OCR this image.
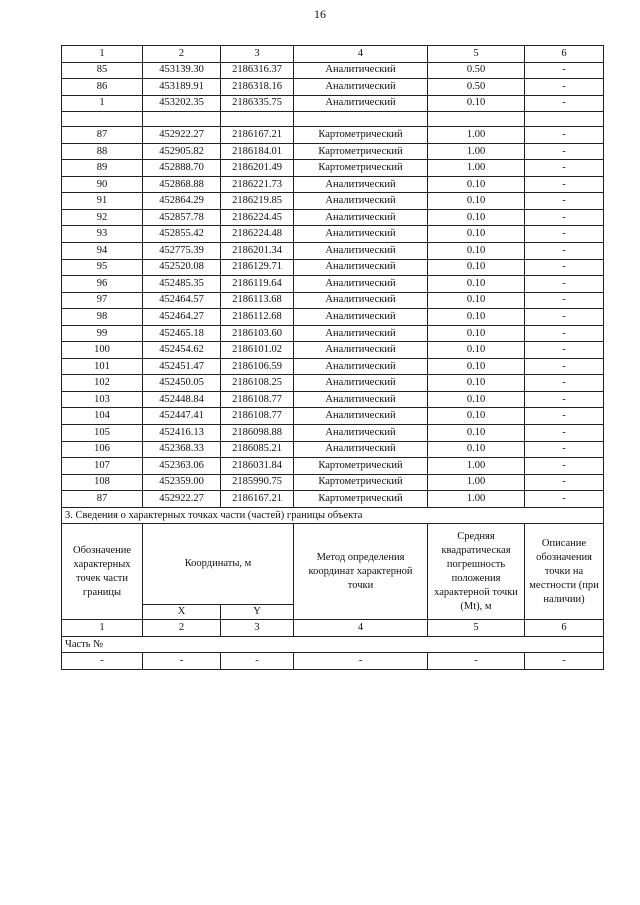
16
1	2	3	4	5	6
85	453139.30	2186316.37	Аналитический	0.50	-
86	453189.91	2186318.16	Аналитический	0.50	-
1	453202.35	2186335.75	Аналитический	0.10	-

87	452922.27	2186167.21	Картометрический	1.00	-
88	452905.82	2186184.01	Картометрический	1.00	-
89	452888.70	2186201.49	Картометрический	1.00	-
90	452868.88	2186221.73	Аналитический	0.10	-
91	452864.29	2186219.85	Аналитический	0.10	-
92	452857.78	2186224.45	Аналитический	0.10	-
93	452855.42	2186224.48	Аналитический	0.10	-
94	452775.39	2186201.34	Аналитический	0.10	-
95	452520.08	2186129.71	Аналитический	0.10	-
96	452485.35	2186119.64	Аналитический	0.10	-
97	452464.57	2186113.68	Аналитический	0.10	-
98	452464.27	2186112.68	Аналитический	0.10	-
99	452465.18	2186103.60	Аналитический	0.10	-
100	452454.62	2186101.02	Аналитический	0.10	-
101	452451.47	2186106.59	Аналитический	0.10	-
102	452450.05	2186108.25	Аналитический	0.10	-
103	452448.84	2186108.77	Аналитический	0.10	-
104	452447.41	2186108.77	Аналитический	0.10	-
105	452416.13	2186098.88	Аналитический	0.10	-
106	452368.33	2186085.21	Аналитический	0.10	-
107	452363.06	2186031.84	Картометрический	1.00	-
108	452359.00	2185990.75	Картометрический	1.00	-
87	452922.27	2186167.21	Картометрический	1.00	-
3. Сведения о характерных точках части (частей) границы объекта					
Обозначение характерных точек части границы	Координаты, м		Метод определения координат характерной точки	Средняя квадратическая погрешность положения характерной точки (Mt), м	Описание обозначения точки на местности (при наличии)
	X	Y			
1	2	3	4	5	6
Часть №					
-	-	-	-	-	-
